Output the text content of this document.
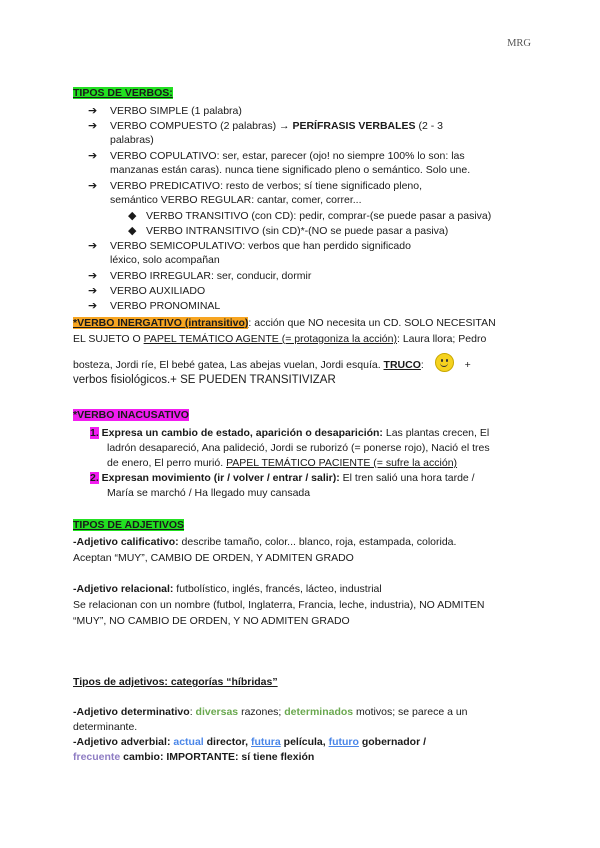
MRG
TIPOS DE VERBOS:
➔ VERBO SIMPLE (1 palabra)
➔ VERBO COMPUESTO (2 palabras) → PERÍFRASIS VERBALES (2 - 3
palabras)
➔ VERBO COPULATIVO: ser, estar, parecer (ojo! no siempre 100% lo son: las
manzanas están caras). nunca tiene significado pleno o semántico. Solo une.
➔ VERBO PREDICATIVO: resto de verbos; sí tiene significado pleno,
semántico VERBO REGULAR: cantar, comer, correr...
◆ VERBO TRANSITIVO (con CD): pedir, comprar-(se puede pasar a pasiva)
◆ VERBO INTRANSITIVO (sin CD)*-(NO se puede pasar a pasiva)
➔ VERBO SEMICOPULATIVO: verbos que han perdido significado
léxico, solo acompañan
➔ VERBO IRREGULAR: ser, conducir, dormir
➔ VERBO AUXILIADO
➔ VERBO PRONOMINAL
*VERBO INERGATIVO (intransitivo): acción que NO necesita un CD. SOLO NECESITAN
EL SUJETO O PAPEL TEMÁTICO AGENTE (= protagoniza la acción): Laura llora; Pedro
bosteza, Jordi ríe, El bebé gatea, Las abejas vuelan, Jordi esquía. TRUCO:	+
verbos fisiológicos.+ SE PUEDEN TRANSITIVIZAR
*VERBO INACUSATIVO
1. Expresa un cambio de estado, aparición o desaparición: Las plantas crecen, El
ladrón desapareció, Ana palideció, Jordi se ruborizó (= ponerse rojo), Nació el tres
de enero, El perro murió. PAPEL TEMÁTICO PACIENTE (= sufre la acción)
2. Expresan movimiento (ir / volver / entrar / salir): El tren salió una hora tarde /
María se marchó / Ha llegado muy cansada
TIPOS DE ADJETIVOS
-Adjetivo calificativo: describe tamaño, color... blanco, roja, estampada, colorida.
Aceptan “MUY”, CAMBIO DE ORDEN, Y ADMITEN GRADO
-Adjetivo relacional: futbolístico, inglés, francés, lácteo, industrial
Se relacionan con un nombre (futbol, Inglaterra, Francia, leche, industria), NO ADMITEN
“MUY”, NO CAMBIO DE ORDEN, Y NO ADMITEN GRADO
Tipos de adjetivos: categorías “híbridas”
-Adjetivo determinativo: diversas razones; determinados motivos; se parece a un
determinante.
-Adjetivo adverbial: actual director, futura película, futuro gobernador /
frecuente cambio: IMPORTANTE: sí tiene flexión
